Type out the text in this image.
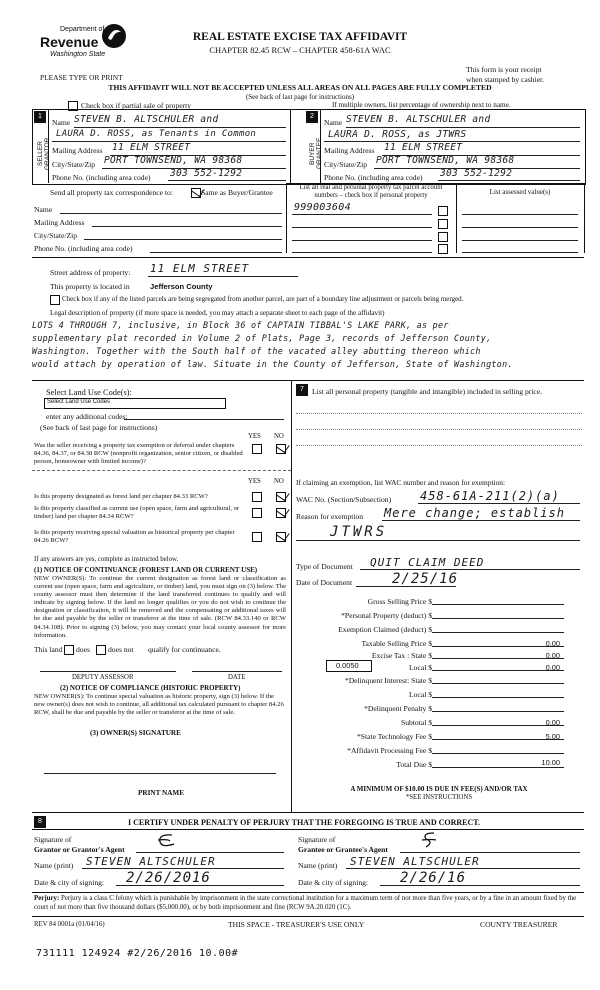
Department of
Revenue
Washington State
REAL ESTATE EXCISE TAX AFFIDAVIT
CHAPTER 82.45 RCW – CHAPTER 458-61A WAC
PLEASE TYPE OR PRINT
This form is your receipt
when stamped by cashier.
THIS AFFIDAVIT WILL NOT BE ACCEPTED UNLESS ALL AREAS ON ALL PAGES ARE FULLY COMPLETED
(See back of last page for instructions)
Check box if partial sale of property	If multiple owners, list percentage of ownership next to name.
1
SELLER
Name STEVEN B. ALTSCHULER and
LAURA D. ROSS, as Tenants in Common
Mailing Address 11 ELM STREET
City/State/Zip PORT TOWNSEND, WA 98368
Phone No. (including area code) 303 552-1292
2
BUYER
Name STEVEN B. ALTSCHULER and
LAURA D. ROSS, as JTWRS
Mailing Address 11 ELM STREET
City/State/Zip PORT TOWNSEND, WA 98368
Phone No. (including area code) 303 552-1292
Send all property tax correspondence to:	Same as Buyer/Grantee
List all real and personal property tax parcel account numbers – check box if personal property	List assessed value(s)
Name
Mailing Address
City/State/Zip
Phone No. (including area code)
999003604
Street address of property: 11 ELM STREET
This property is located in	Jefferson County
Check box if any of the listed parcels are being segregated from another parcel, are part of a boundary line adjustment or parcels being merged.
Legal description of property (if more space is needed, you may attach a separate sheet to each page of the affidavit)
LOTS 4 THROUGH 7, inclusive, in Block 36 of CAPTAIN TIBBAL'S LAKE PARK, as per
supplementary plat recorded in Volume 2 of Plats, Page 3, records of Jefferson County,
Washington. Together with the South half of the vacated alley abutting thereon which
would attach by operation of law. Situate in the County of Jefferson, State of Washington.
Select Land Use Code(s):
Select Land Use Codes
enter any additional codes:
(See back of last page for instructions)
YES NO
Was the seller receiving a property tax exemption or deferral under chapters 84.36, 84.37, or 84.38 RCW (nonprofit organization, senior citizen, or disabled person, homeowner with limited income)?
YES NO
Is this property designated as forest land per chapter 84.33 RCW?
Is this property classified as current use (open space, farm and agricultural, or timber) land per chapter 84.34 RCW?
Is this property receiving special valuation as historical property per chapter 84.26 RCW?
If any answers are yes, complete as instructed below.
(1) NOTICE OF CONTINUANCE (FOREST LAND OR CURRENT USE)
NEW OWNER(S): To continue the current designation as forest land or classification as current use (open space, farm and agriculture, or timber) land, you must sign on (3) below. The county assessor must then determine if the land transferred continues to qualify and will indicate by signing below. If the land no longer qualifies or you do not wish to continue the designation or classification, it will be removed and the compensating or additional taxes will be due and payable by the seller or transferor at the time of sale. (RCW 84.33.140 or RCW 84.34.108). Prior to signing (3) below, you may contact your local county assessor for more information.
This land does does not qualify for continuance.
DEPUTY ASSESSOR	DATE
(2) NOTICE OF COMPLIANCE (HISTORIC PROPERTY)
NEW OWNER(S): To continue special valuation as historic property, sign (3) below. If the new owner(s) does not wish to continue, all additional tax calculated pursuant to chapter 84.26 RCW, shall be due and payable by the seller or transferor at the time of sale.
(3) OWNER(S) SIGNATURE
PRINT NAME
7	List all personal property (tangible and intangible) included in selling price.
If claiming an exemption, list WAC number and reason for exemption:
WAC No. (Section/Subsection) 458-61A-211(2)(a)
Reason for exemption Mere change; establish
JTWRS
Type of Document QUIT CLAIM DEED
Date of Document	2/25/16
Gross Selling Price $
*Personal Property (deduct) $
Exemption Claimed (deduct) $
Taxable Selling Price $	0.00
Excise Tax : State $	0.00
0.0050	Local $	0.00
*Delinquent Interest: State $
Local $
*Delinquent Penalty $
Subtotal $	0.00
*State Technology Fee $	5.00
*Affidavit Processing Fee $
Total Due $	10.00
A MINIMUM OF $10.00 IS DUE IN FEE(S) AND/OR TAX
*SEE INSTRUCTIONS
8	I CERTIFY UNDER PENALTY OF PERJURY THAT THE FOREGOING IS TRUE AND CORRECT.
Signature of
Grantor or Grantor's Agent
Name (print) STEVEN ALTSCHULER
Date & city of signing: 2/26/2016
Signature of
Grantee or Grantee's Agent
Name (print) STEVEN ALTSCHULER
Date & city of signing: 2/26/16
Perjury: Perjury is a class C felony which is punishable by imprisonment in the state correctional institution for a maximum term of not more than five years, or by a fine in an amount fixed by the court of not more than five thousand dollars ($5,000.00), or by both imprisonment and fine (RCW 9A.20.020 (1C).
REV 84 0001a (01/04/16)	THIS SPACE - TREASURER'S USE ONLY	COUNTY TREASURER
731111 124924 #2/26/2016 10.00#
